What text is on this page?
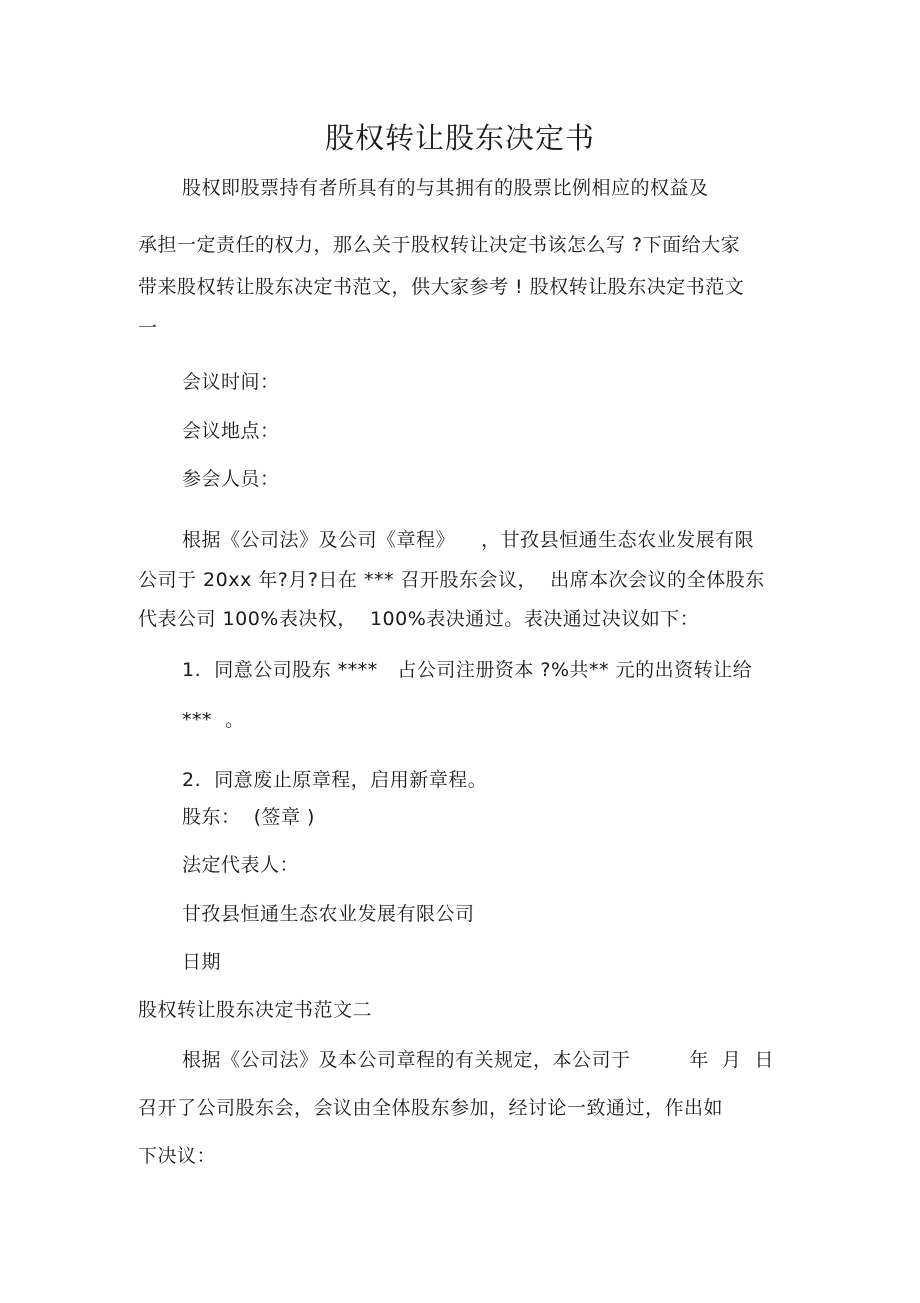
股权转让股东决定书
股权即股票持有者所具有的与其拥有的股票比例相应的权益及
承担一定责任的权力，那么关于股权转让决定书该怎么写 ?下面给大家
带来股权转让股东决定书范文，供大家参考 ! 股权转让股东决定书范文
一
会议时间：
会议地点：
参会人员：
根据《公司法》及公司《章程》    ，甘孜县恒通生态农业发展有限
公司于 20xx 年?月?日在 *** 召开股东会议，  出席本次会议的全体股东
代表公司 100%表决权，  100%表决通过。表决通过决议如下：
1.  同意公司股东 ****   占公司注册资本 ?%共** 元的出资转让给
***  。
2.  同意废止原章程，启用新章程。
股东：  (签章 )
法定代表人：
甘孜县恒通生态农业发展有限公司
日期
股权转让股东决定书范文二
根据《公司法》及本公司章程的有关规定，本公司于         年  月  日
召开了公司股东会，会议由全体股东参加，经讨论一致通过，作出如
下决议：
